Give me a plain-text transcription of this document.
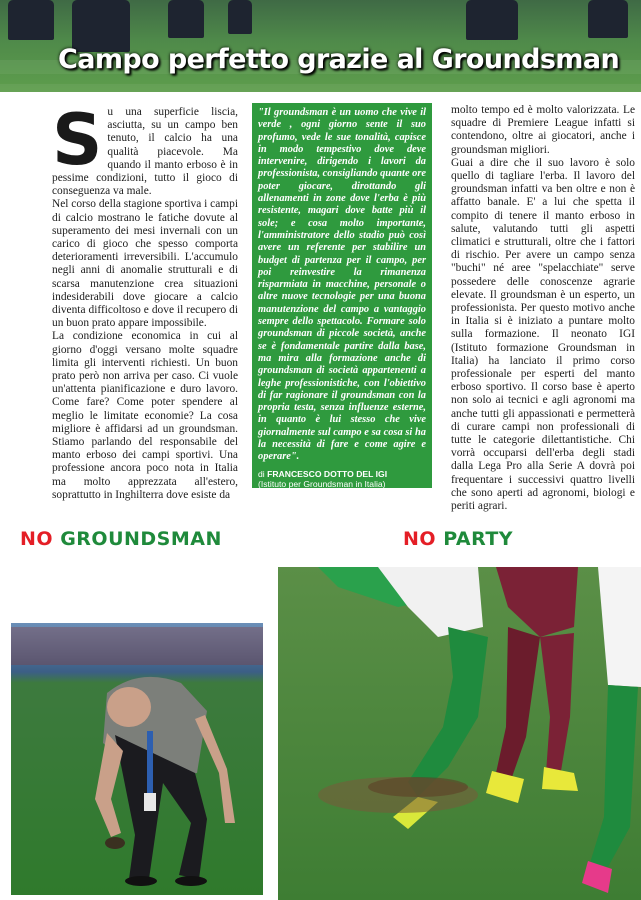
Campo perfetto grazie al Groundsman
S u una superficie liscia, asciutta, su un campo ben tenuto, il calcio ha una qualità piacevole. Ma quando il manto erboso è in pessime condizioni, tutto il gioco di conseguenza va male.

Nel corso della stagione sportiva i campi di calcio mostrano le fatiche dovute al superamento dei mesi invernali con un carico di gioco che spesso comporta deterioramenti irreversibili. L'accumulo negli anni di anomalie strutturali e di scarsa manutenzione crea situazioni indesiderabili dove giocare a calcio diventa difficoltoso e dove il recupero di un buon prato appare impossibile.

La condizione economica in cui al giorno d'oggi versano molte squadre limita gli interventi richiesti. Un buon prato però non arriva per caso. Ci vuole un'attenta pianificazione e duro lavoro. Come fare? Come poter spendere al meglio le limitate economie? La cosa migliore è affidarsi ad un groundsman. Stiamo parlando del responsabile del manto erboso dei campi sportivi. Una professione ancora poco nota in Italia ma molto apprezzata all'estero, soprattutto in Inghilterra dove esiste da

"Il groundsman è un uomo che vive il verde , ogni giorno sente il suo profumo, vede le sue tonalità, capisce in modo tempestivo dove deve intervenire, dirigendo i lavori da professionista, consigliando quante ore poter giocare, dirottando gli allenamenti in zone dove l'erba è più resistente, magari dove batte più il sole; e cosa molto importante, l'amministratore dello stadio può così avere un referente per stabilire un budget di partenza per il campo, per poi reinvestire la rimanenza risparmiata in macchine, personale o altre nuove tecnologie per una buona manutenzione del campo a vantaggio sempre dello spettacolo. Formare solo groundsman di piccole società, anche se è fondamentale partire dalla base, ma mira alla formazione anche di groundsman di società appartenenti a leghe professionistiche, con l'obiettivo di far ragionare il groundsman con la propria testa, senza influenze esterne, in quanto è lui stesso che vive giornalmente sul campo e sa cosa si ha la necessità di fare e come agire e operare".

di FRANCESCO DOTTO DEL IGI
(Istituto per Groundsman in Italia)
I.F.G.I.

molto tempo ed è molto valorizzata. Le squadre di Premiere League infatti si contendono, oltre ai giocatori, anche i groundsman migliori.

Guai a dire che il suo lavoro è solo quello di tagliare l'erba. Il lavoro del groundsman infatti va ben oltre e non è affatto banale. E' a lui che spetta il compito di tenere il manto erboso in salute, valutando tutti gli aspetti climatici e strutturali, oltre che i fattori di rischio. Per avere un campo senza "buchi" né aree "spelacchiate" serve possedere delle conoscenze agrarie elevate. Il groundsman è un esperto, un professionista. Per questo motivo anche in Italia si è iniziato a puntare molto sulla formazione. Il neonato IGI (Istituto formazione Groundsman in Italia) ha lanciato il primo corso professionale per esperti del manto erboso sportivo. Il corso base è aperto non solo ai tecnici e agli agronomi ma anche tutti gli appassionati e permetterà di curare campi non professionali di tutte le categorie dilettantistiche. Chi vorrà occuparsi dell'erba degli stadi dalla Lega Pro alla Serie A dovrà poi frequentare i successivi quattro livelli che sono aperti ad agronomi, biologi e periti agrari.

NO GROUNDSMAN	NO PARTY
